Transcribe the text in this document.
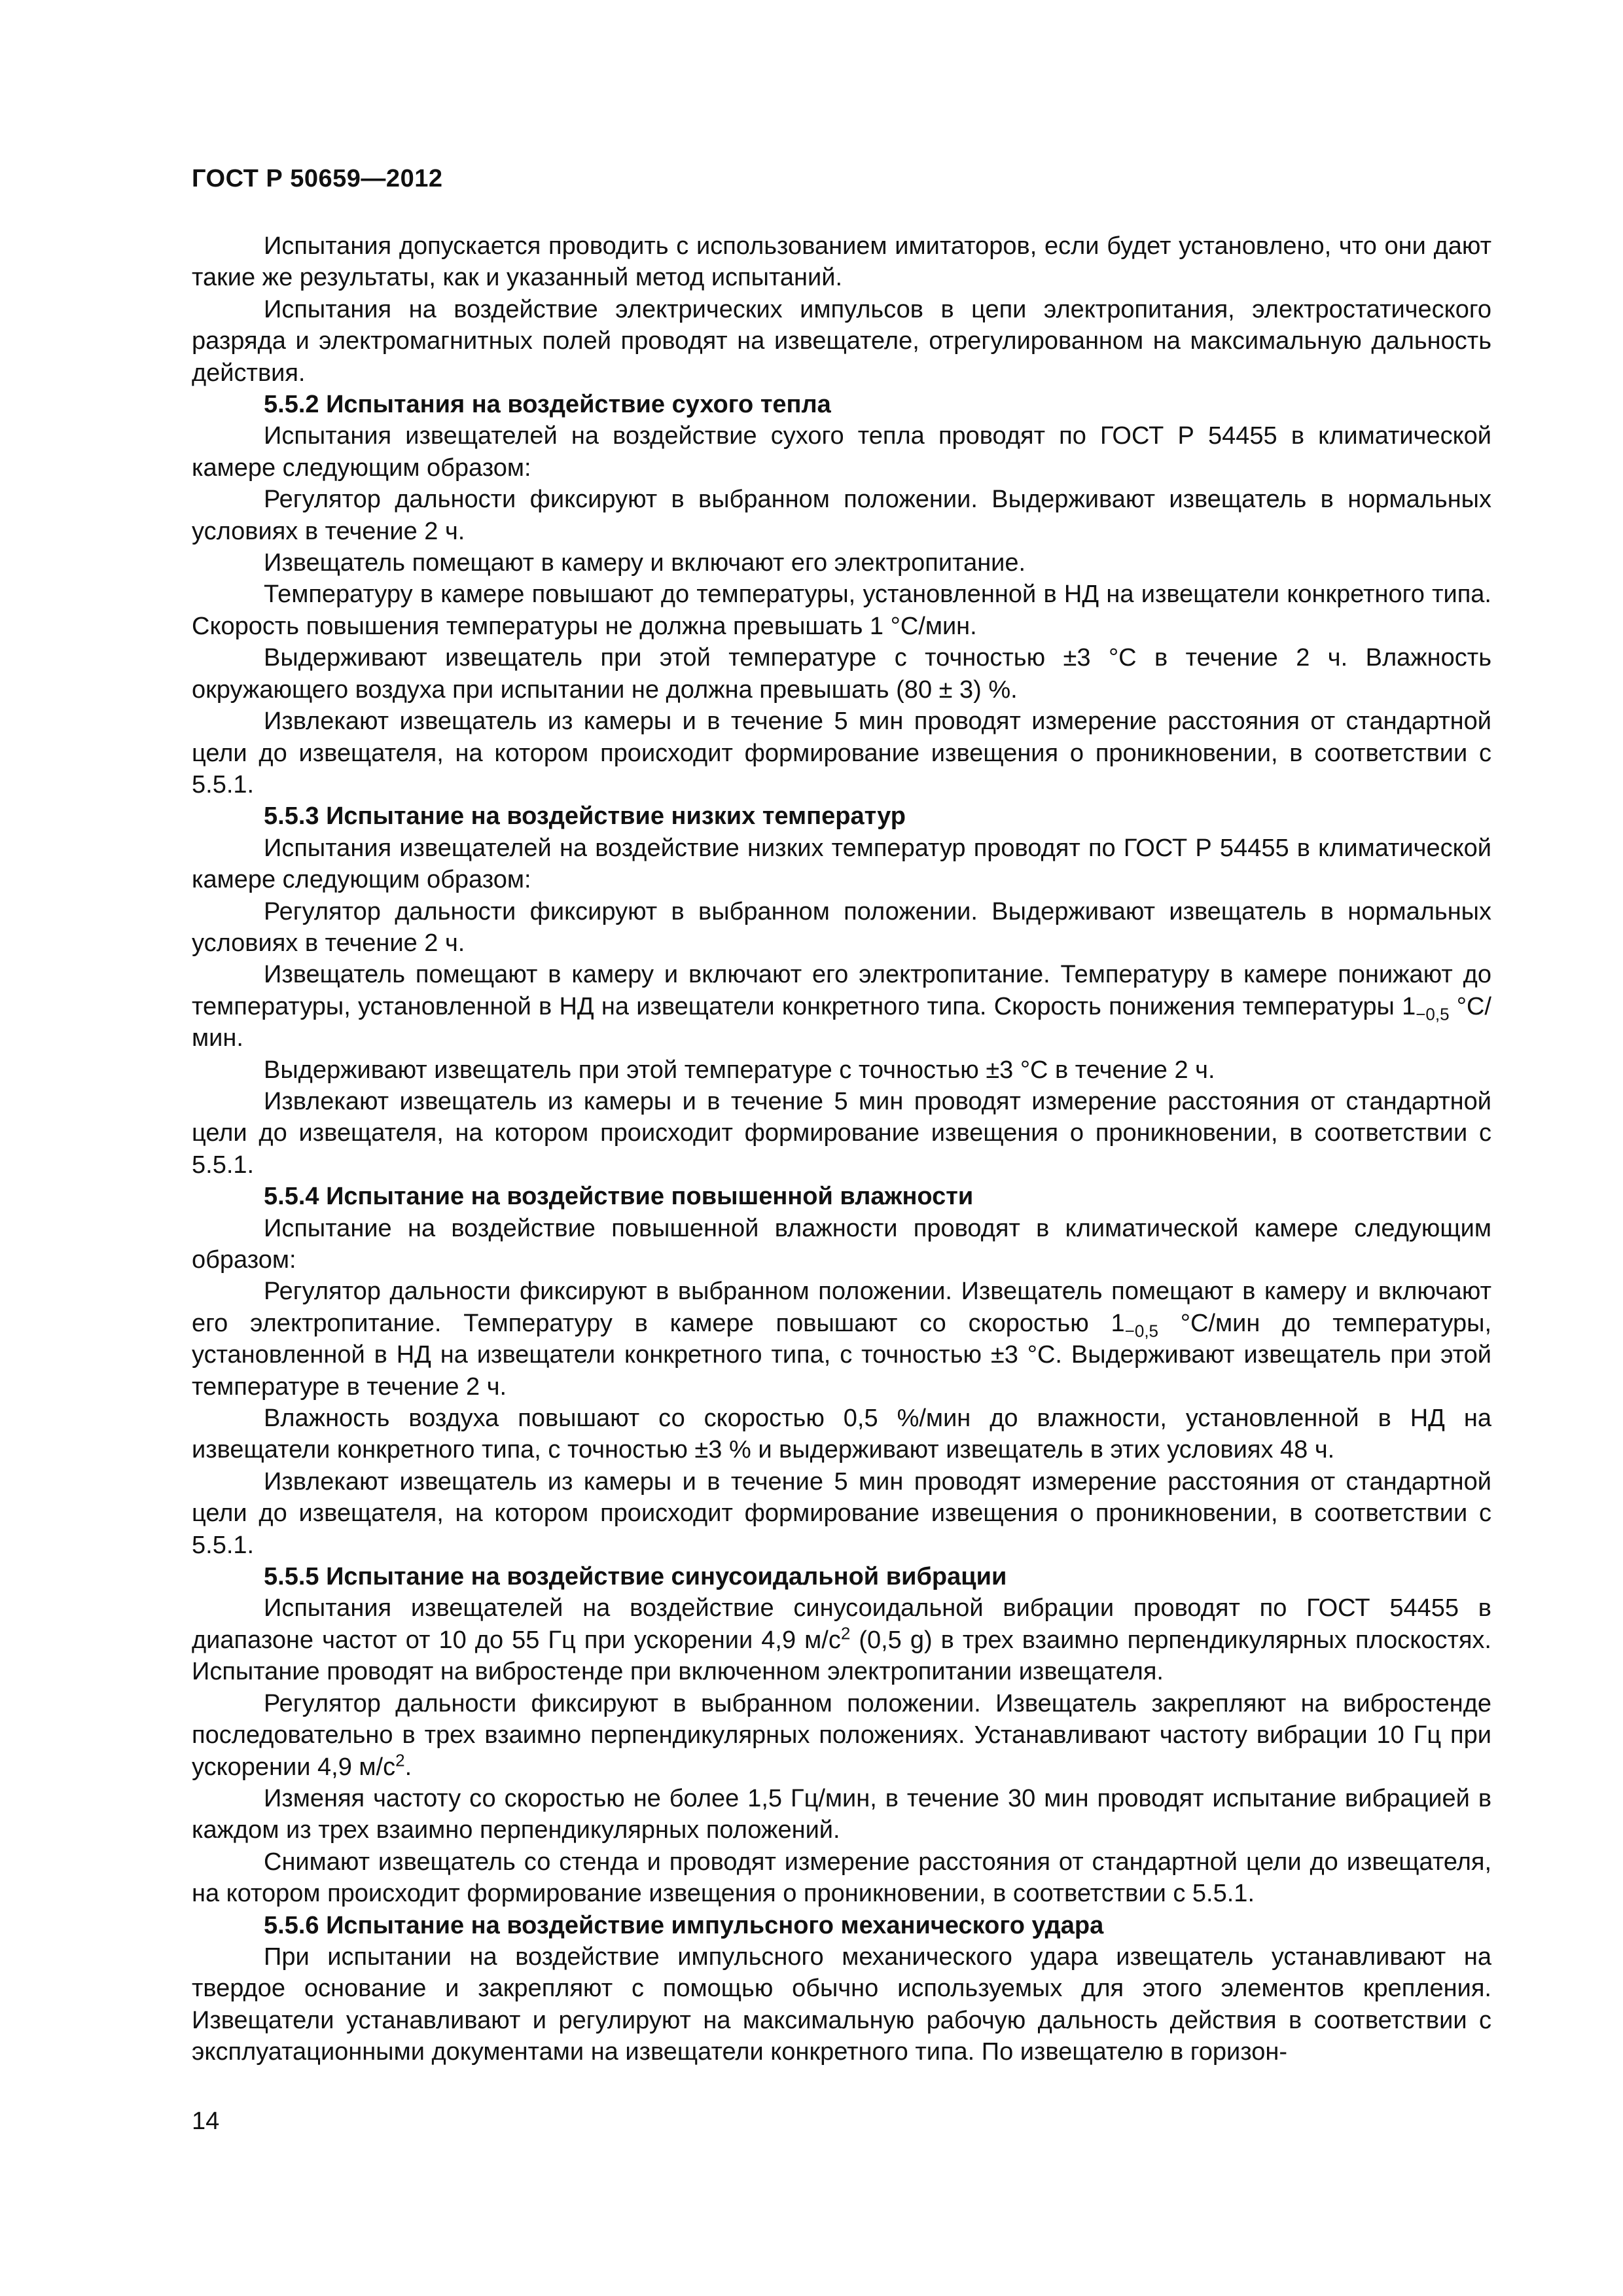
ГОСТ Р 50659—2012

Испытания допускается проводить с использованием имитаторов, если будет установлено, что они дают такие же результаты, как и указанный метод испытаний.

Испытания на воздействие электрических импульсов в цепи электропитания, электростатического разряда и электромагнитных полей проводят на извещателе, отрегулированном на максимальную дальность действия.

5.5.2 Испытания на воздействие сухого тепла

Испытания извещателей на воздействие сухого тепла проводят по ГОСТ Р 54455 в климатической камере следующим образом:

Регулятор дальности фиксируют в выбранном положении. Выдерживают извещатель в нормальных условиях в течение 2 ч.

Извещатель помещают в камеру и включают его электропитание.

Температуру в камере повышают до температуры, установленной в НД на извещатели конкретного типа. Скорость повышения температуры не должна превышать 1 °С/мин.

Выдерживают извещатель при этой температуре с точностью ±3 °С в течение 2 ч. Влажность окружающего воздуха при испытании не должна превышать (80 ± 3) %.

Извлекают извещатель из камеры и в течение 5 мин проводят измерение расстояния от стандартной цели до извещателя, на котором происходит формирование извещения о проникновении, в соответствии с 5.5.1.

5.5.3 Испытание на воздействие низких температур

Испытания извещателей на воздействие низких температур проводят по ГОСТ Р 54455 в климатической камере следующим образом:

Регулятор дальности фиксируют в выбранном положении. Выдерживают извещатель в нормальных условиях в течение 2 ч.

Извещатель помещают в камеру и включают его электропитание. Температуру в камере понижают до температуры, установленной в НД на извещатели конкретного типа. Скорость понижения температуры $1_{-0,5}$ °С/мин.

Выдерживают извещатель при этой температуре с точностью ±3 °С в течение 2 ч.

Извлекают извещатель из камеры и в течение 5 мин проводят измерение расстояния от стандартной цели до извещателя, на котором происходит формирование извещения о проникновении, в соответствии с 5.5.1.

5.5.4 Испытание на воздействие повышенной влажности

Испытание на воздействие повышенной влажности проводят в климатической камере следующим образом:

Регулятор дальности фиксируют в выбранном положении. Извещатель помещают в камеру и включают его электропитание. Температуру в камере повышают со скоростью $1_{-0,5}$ °С/мин до температуры, установленной в НД на извещатели конкретного типа, с точностью ±3 °С. Выдерживают извещатель при этой температуре в течение 2 ч.

Влажность воздуха повышают со скоростью 0,5 %/мин до влажности, установленной в НД на извещатели конкретного типа, с точностью ±3 % и выдерживают извещатель в этих условиях 48 ч.

Извлекают извещатель из камеры и в течение 5 мин проводят измерение расстояния от стандартной цели до извещателя, на котором происходит формирование извещения о проникновении, в соответствии с 5.5.1.

5.5.5 Испытание на воздействие синусоидальной вибрации

Испытания извещателей на воздействие синусоидальной вибрации проводят по ГОСТ 54455 в диапазоне частот от 10 до 55 Гц при ускорении 4,9 $м/с^2$ (0,5 g) в трех взаимно перпендикулярных плоскостях. Испытание проводят на вибростенде при включенном электропитании извещателя.

Регулятор дальности фиксируют в выбранном положении. Извещатель закрепляют на вибростенде последовательно в трех взаимно перпендикулярных положениях. Устанавливают частоту вибрации 10 Гц при ускорении 4,9 $м/с^2$.

Изменяя частоту со скоростью не более 1,5 Гц/мин, в течение 30 мин проводят испытание вибрацией в каждом из трех взаимно перпендикулярных положений.

Снимают извещатель со стенда и проводят измерение расстояния от стандартной цели до извещателя, на котором происходит формирование извещения о проникновении, в соответствии с 5.5.1.

5.5.6 Испытание на воздействие импульсного механического удара

При испытании на воздействие импульсного механического удара извещатель устанавливают на твердое основание и закрепляют с помощью обычно используемых для этого элементов крепления. Извещатели устанавливают и регулируют на максимальную рабочую дальность действия в соответствии с эксплуатационными документами на извещатели конкретного типа. По извещателю в горизон-

14
